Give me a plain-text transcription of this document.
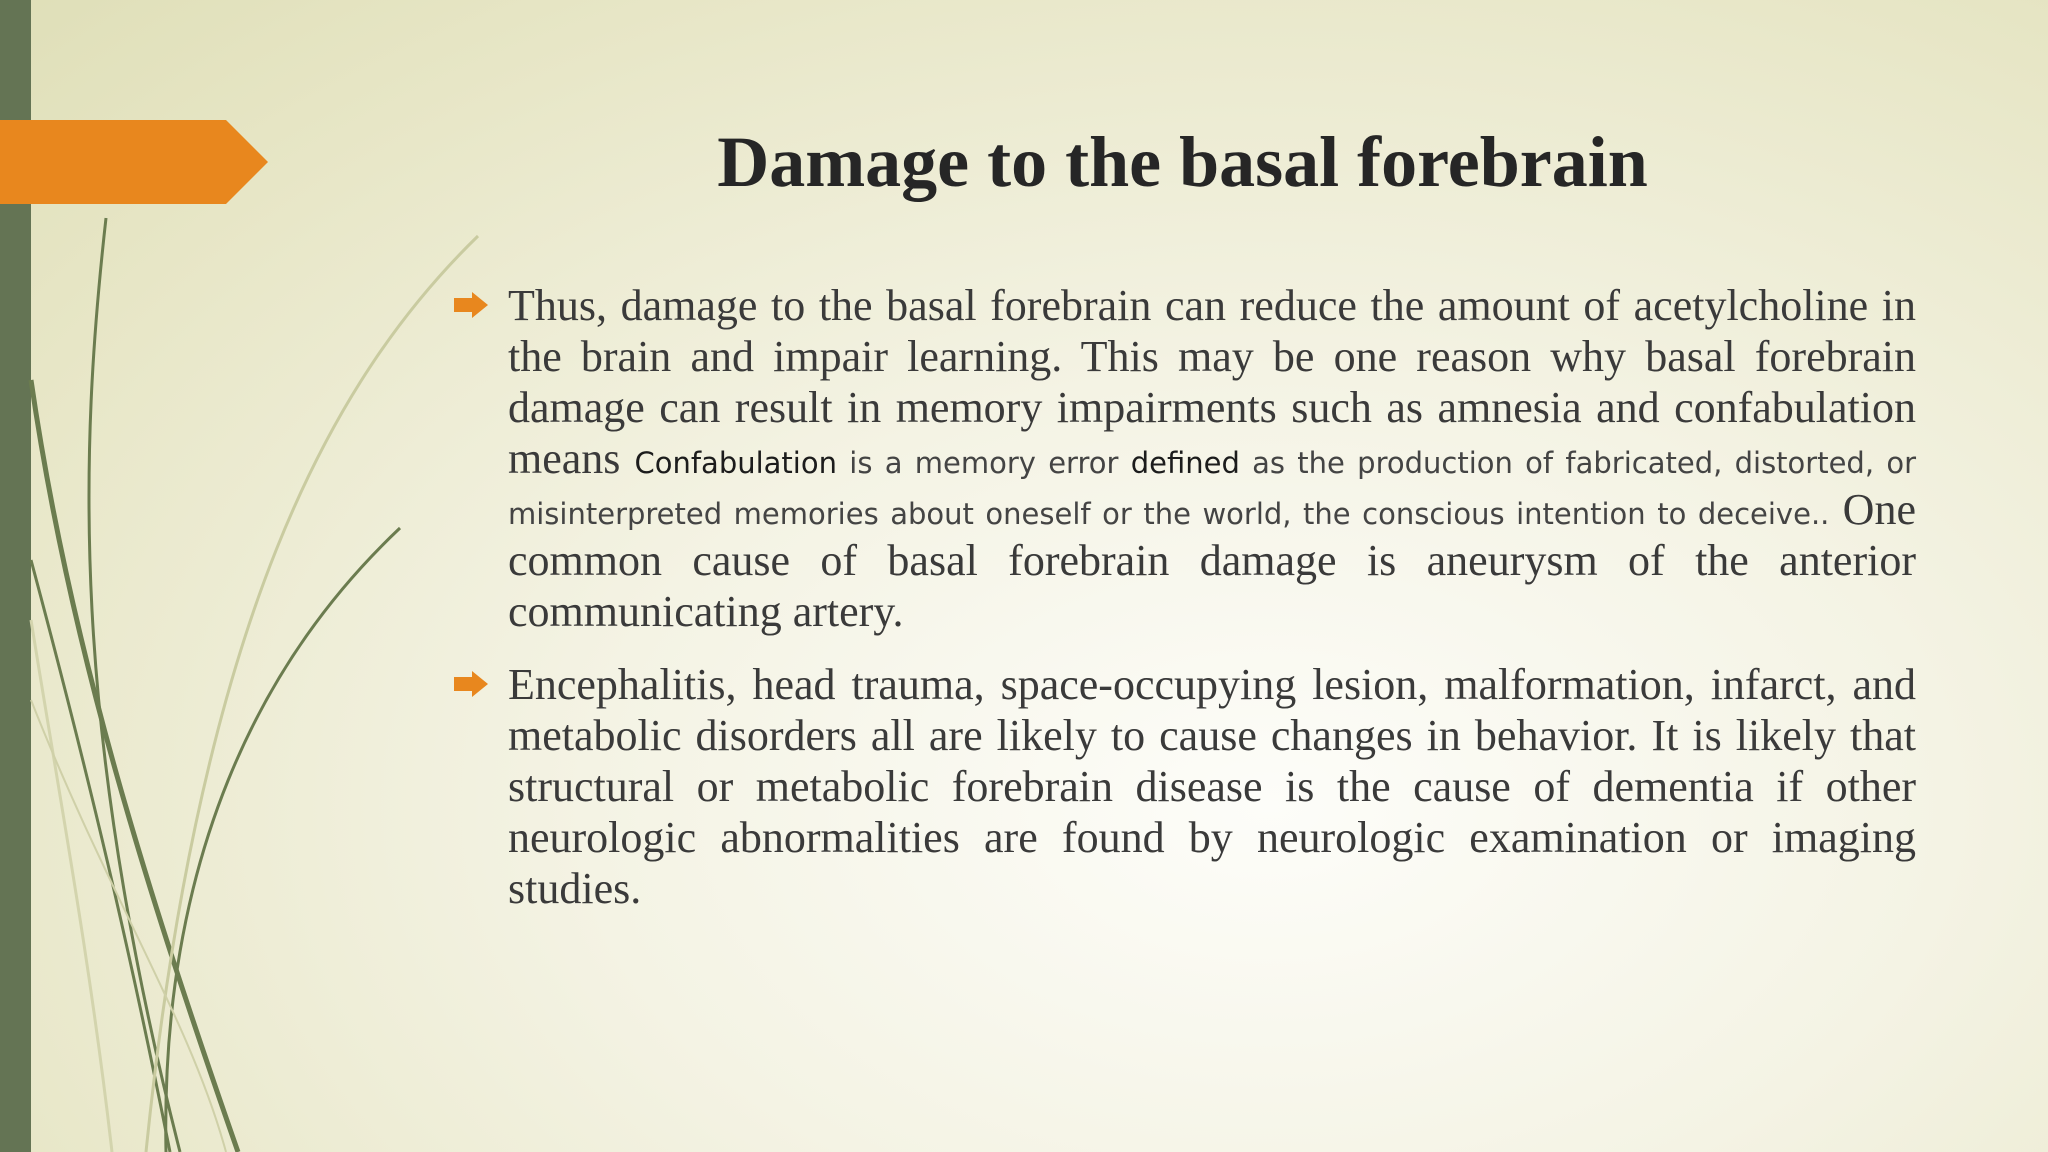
Damage to the basal forebrain

Thus, damage to the basal forebrain can reduce the amount of acetylcholine in the brain and impair learning. This may be one reason why basal forebrain damage can result in memory impairments such as amnesia and confabulation means Confabulation is a memory error defined as the production of fabricated, distorted, or misinterpreted memories about oneself or the world, the conscious intention to deceive.. One common cause of basal forebrain damage is aneurysm of the anterior communicating artery.

Encephalitis, head trauma, space-occupying lesion, malformation, infarct, and metabolic disorders all are likely to cause changes in behavior. It is likely that structural or metabolic forebrain disease is the cause of dementia if other neurologic abnormalities are found by neurologic examination or imaging studies.
